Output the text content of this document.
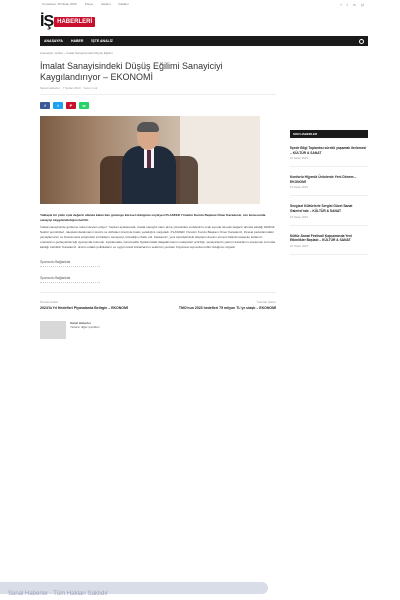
Cumartesi, 15 Nisan 2023	Künye	İletişim	Reklam	f t in yt
İŞ HABERLERİ
ANASAYFA HABER İŞTE ANALİZ
Anasayfa › Haber › İmalat Sanayisindeki Düşüş Eğilimi
İmalat Sanayisindeki Düşüş Eğilimi Sanayiciyi Kaygılandırıyor – EKONOMİ
Sanal Haberler · 7 Şubat 2023 · Yorum yok
f	t	P	w
Yaklaşık bir yıldır eşik değerin altında kalan ilan gösterge küresel olduğunu söyleyen PLASFED Yönetim Kurulu Başkanı Ömer Karadeniz, söz konusunda sanayiyi kaygılandırdığını belirtti.
İmalat sanayisinde gerileme süreci devam ediyor. Yapılan açıklamada, imalat sanayisi satın alma yöneticileri endeksinin ocak ayında da eşik değerin altında kaldığı bildirildi. Sektör temsilcileri, talepteki daralmanın üretim ve istihdam üzerinde baskı yarattığını vurguladı. PLASFED Yönetim Kurulu Başkanı Ömer Karadeniz, ihracat pazarlarındaki yavaşlamanın ve finansmana erişimdeki zorlukların sanayiciyi zorladığını ifade etti. Karadeniz, yeni siparişlerdeki düşüşün devam etmesi halinde kapasite kullanım oranlarının gerileyebileceği uyarısında bulundu. Açıklamada, hammadde fiyatlarındaki dalgalanmanın maliyetleri artırdığı, sanayicilerin yatırım kararlarını ertelemek zorunda kaldığı belirtildi. Karadeniz, üretim odaklı politikaların ve uygun kredi imkanlarının sektörün yeniden büyümesi açısından kritik olduğunu söyledi.
Sponsorlu Bağlantılar
Sponsorlu Bağlantılar
Önceki Haber
2024'lü Yıl Hedefleri Piyasalarda Belirgin – EKONOMİ
Sonraki Haber
TMO'nun 2023 hedefleri 75 milyon TL'ye ulaştı – EKONOMİ
Sanal Haberler
Yazarın diğer içerikleri
SON HABERLER
İlçede Bilgi Toplantısı sürekli yaşamak ilerlemesi – KÜLTÜR & SANAT
15 Nisan 2023
Konforlu Hijyenik Ürünlerde Yeni Dönem – EKONOMİ
15 Nisan 2023
Sezgisel Kültürlerle Sergisi Güzel Sanat Galerisi'nde – KÜLTÜR & SANAT
15 Nisan 2023
Kültür-Sanat Festivali Kapsamında Yeni Etkinlikler Başladı – KÜLTÜR & SANAT
15 Nisan 2023
Sanal Haberler · Tüm Hakları Saklıdır
